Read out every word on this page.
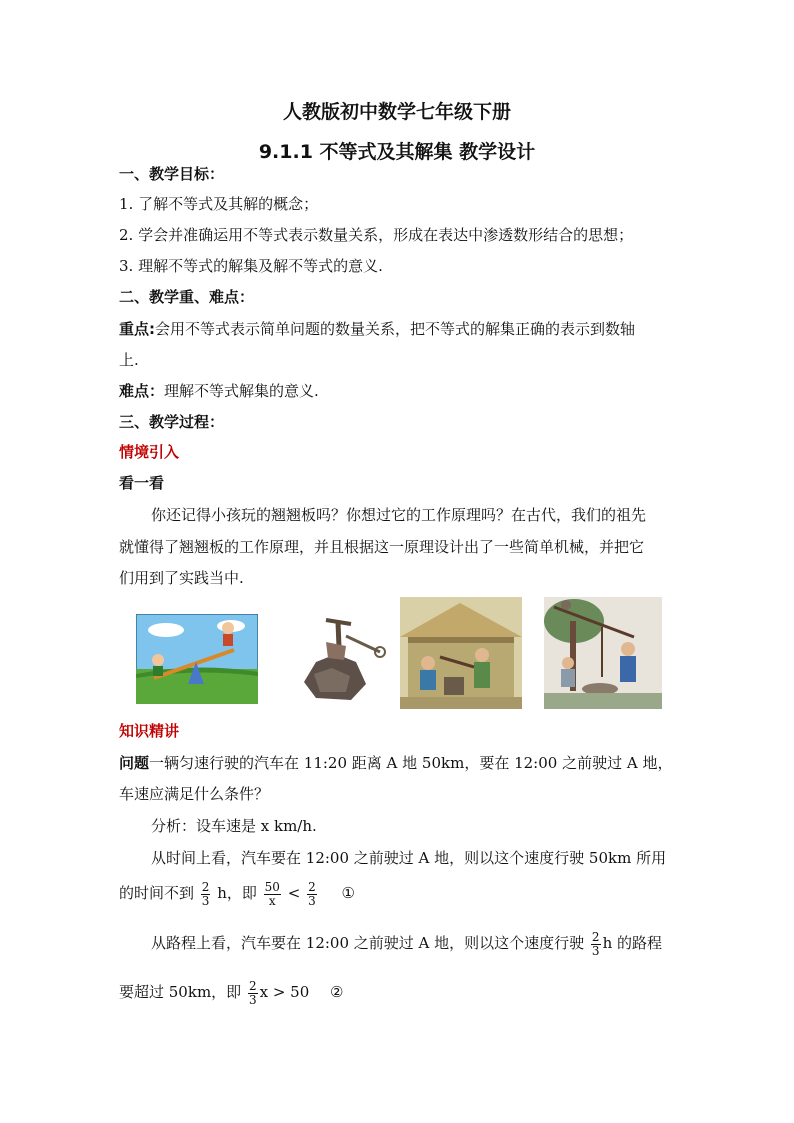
人教版初中数学七年级下册
9.1.1 不等式及其解集 教学设计
一、教学目标：
1. 了解不等式及其解的概念；
2. 学会并准确运用不等式表示数量关系，形成在表达中渗透数形结合的思想；
3. 理解不等式的解集及解不等式的意义.
二、教学重、难点：
重点:会用不等式表示简单问题的数量关系，把不等式的解集正确的表示到数轴
上.
难点：理解不等式解集的意义.
三、教学过程：
情境引入
看一看
你还记得小孩玩的翘翘板吗？你想过它的工作原理吗？在古代，我们的祖先
就懂得了翘翘板的工作原理，并且根据这一原理设计出了一些简单机械，并把它
们用到了实践当中.
知识精讲
问题一辆匀速行驶的汽车在 11:20 距离 A 地 50km，要在 12:00 之前驶过 A 地，
车速应满足什么条件？
分析：设车速是 x km/h.
从时间上看，汽车要在 12:00 之前驶过 A 地，则以这个速度行驶 50km 所用
的时间不到 $\frac{2}{3}$ h，即 $\frac{50}{x} < \frac{2}{3}$ ①
从路程上看，汽车要在 12:00 之前驶过 A 地，则以这个速度行驶 $\frac{2}{3}$ h 的路程
要超过 50km，即 $\frac{2}{3}$ x > 50 ②
